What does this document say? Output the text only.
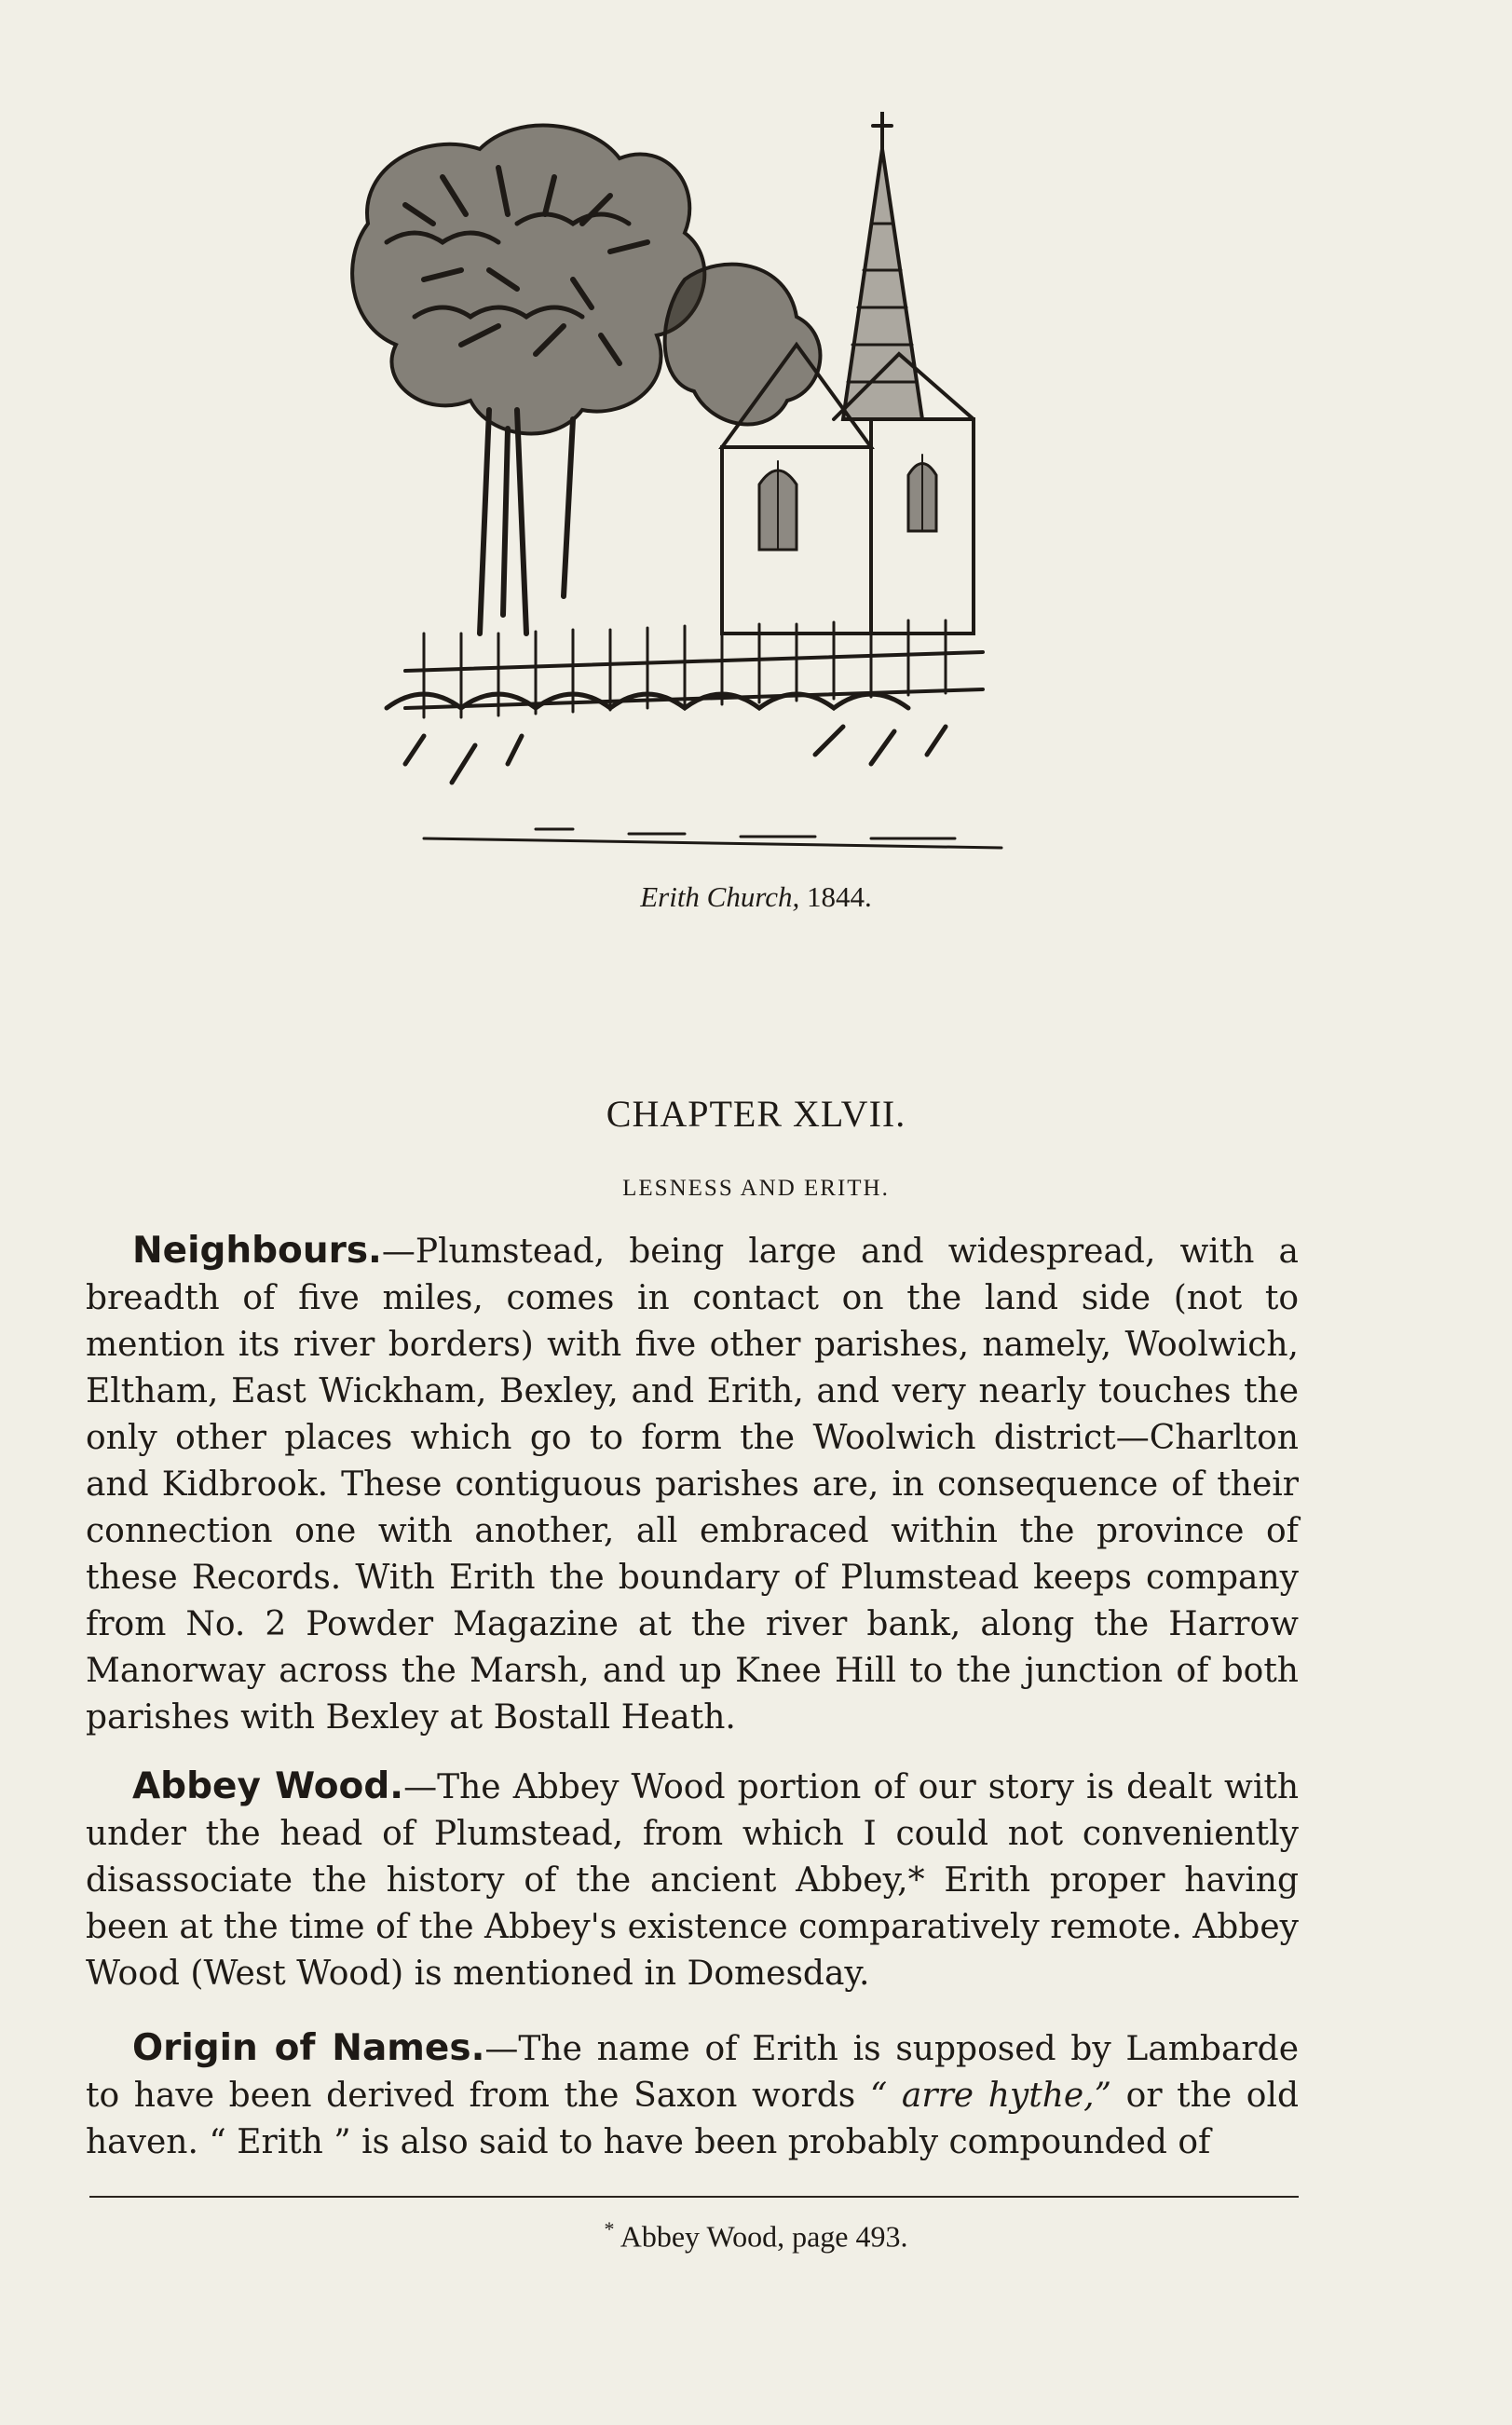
Erith Church, 1844.
CHAPTER XLVII.
LESNESS AND ERITH.

Neighbours.—Plumstead, being large and widespread, with a breadth of five miles, comes in contact on the land side (not to mention its river borders) with five other parishes, namely, Woolwich, Eltham, East Wickham, Bexley, and Erith, and very nearly touches the only other places which go to form the Woolwich district—Charlton and Kidbrook. These contiguous parishes are, in consequence of their connection one with another, all embraced within the province of these Records. With Erith the boundary of Plumstead keeps company from No. 2 Powder Magazine at the river bank, along the Harrow Manorway across the Marsh, and up Knee Hill to the junction of both parishes with Bexley at Bostall Heath.

Abbey Wood.—The Abbey Wood portion of our story is dealt with under the head of Plumstead, from which I could not conveniently disassociate the history of the ancient Abbey,* Erith proper having been at the time of the Abbey's existence comparatively remote. Abbey Wood (West Wood) is mentioned in Domesday.

Origin of Names.—The name of Erith is supposed by Lambarde to have been derived from the Saxon words “ arre hythe,” or the old haven. “ Erith ” is also said to have been probably compounded of

* Abbey Wood, page 493.
